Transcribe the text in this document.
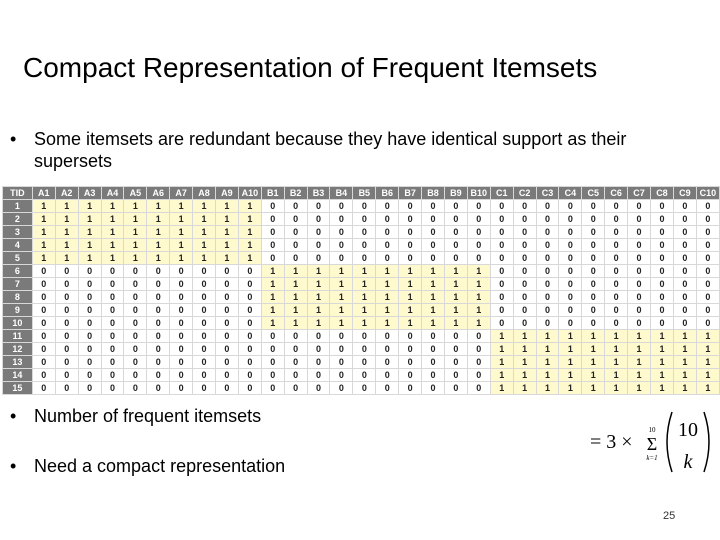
Compact Representation of Frequent Itemsets
• Some itemsets are redundant because they have identical support as their supersets
TID	A1	A2	A3	A4	A5	A6	A7	A8	A9	A10	B1	B2	B3	B4	B5	B6	B7	B8	B9	B10	C1	C2	C3	C4	C5	C6	C7	C8	C9	C10
1	1	1	1	1	1	1	1	1	1	1	0	0	0	0	0	0	0	0	0	0	0	0	0	0	0	0	0	0	0	0
2	1	1	1	1	1	1	1	1	1	1	0	0	0	0	0	0	0	0	0	0	0	0	0	0	0	0	0	0	0	0
3	1	1	1	1	1	1	1	1	1	1	0	0	0	0	0	0	0	0	0	0	0	0	0	0	0	0	0	0	0	0
4	1	1	1	1	1	1	1	1	1	1	0	0	0	0	0	0	0	0	0	0	0	0	0	0	0	0	0	0	0	0
5	1	1	1	1	1	1	1	1	1	1	0	0	0	0	0	0	0	0	0	0	0	0	0	0	0	0	0	0	0	0
6	0	0	0	0	0	0	0	0	0	0	1	1	1	1	1	1	1	1	1	1	0	0	0	0	0	0	0	0	0	0
7	0	0	0	0	0	0	0	0	0	0	1	1	1	1	1	1	1	1	1	1	0	0	0	0	0	0	0	0	0	0
8	0	0	0	0	0	0	0	0	0	0	1	1	1	1	1	1	1	1	1	1	0	0	0	0	0	0	0	0	0	0
9	0	0	0	0	0	0	0	0	0	0	1	1	1	1	1	1	1	1	1	1	0	0	0	0	0	0	0	0	0	0
10	0	0	0	0	0	0	0	0	0	0	1	1	1	1	1	1	1	1	1	1	0	0	0	0	0	0	0	0	0	0
11	0	0	0	0	0	0	0	0	0	0	0	0	0	0	0	0	0	0	0	0	1	1	1	1	1	1	1	1	1	1
12	0	0	0	0	0	0	0	0	0	0	0	0	0	0	0	0	0	0	0	0	1	1	1	1	1	1	1	1	1	1
13	0	0	0	0	0	0	0	0	0	0	0	0	0	0	0	0	0	0	0	0	1	1	1	1	1	1	1	1	1	1
14	0	0	0	0	0	0	0	0	0	0	0	0	0	0	0	0	0	0	0	0	1	1	1	1	1	1	1	1	1	1
15	0	0	0	0	0	0	0	0	0	0	0	0	0	0	0	0	0	0	0	0	1	1	1	1	1	1	1	1	1	1
• Number of frequent itemsets
• Need a compact representation
= 3 ×
10
Σ
k=1
10
k
25
